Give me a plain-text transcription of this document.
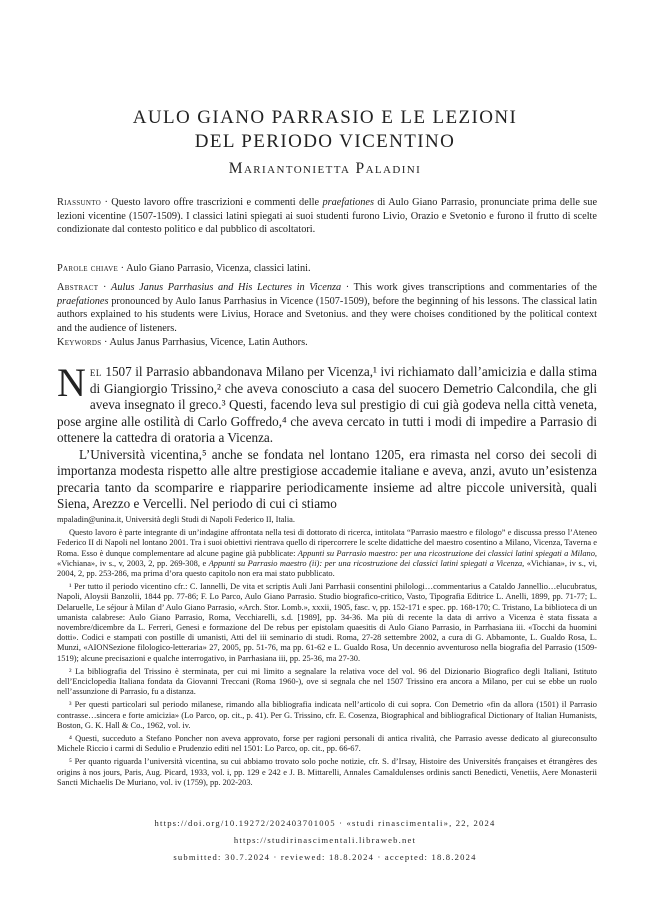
AULO GIANO PARRASIO E LE LEZIONI
DEL PERIODO VICENTINO
Mariantonietta Paladini
Riassunto · Questo lavoro offre trascrizioni e commenti delle praefationes di Aulo Giano Parrasio, pronunciate prima delle sue lezioni vicentine (1507-1509). I classici latini spiegati ai suoi studenti furono Livio, Orazio e Svetonio e furono il frutto di scelte condizionate dal contesto politico e dal pubblico di ascoltatori.
Parole chiave · Aulo Giano Parrasio, Vicenza, classici latini.
Abstract · Aulus Janus Parrhasius and His Lectures in Vicenza · This work gives transcriptions and commentaries of the praefationes pronounced by Aulo Ianus Parrhasius in Vicence (1507-1509), before the beginning of his lessons. The classical latin authors explained to his students were Livius, Horace and Svetonius. and they were choises conditioned by the political context and the audience of listeners.
Keywords · Aulus Janus Parrhasius, Vicence, Latin Authors.

Nel 1507 il Parrasio abbandonava Milano per Vicenza,¹ ivi richiamato dall’amicizia e dalla stima di Giangiorgio Trissino,² che aveva conosciuto a casa del suocero Demetrio Calcondila, che gli aveva insegnato il greco.³ Questi, facendo leva sul prestigio di cui già godeva nella città veneta, pose argine alle ostilità di Carlo Goffredo,⁴ che aveva cercato in tutti i modi di impedire a Parrasio di ottenere la cattedra di oratoria a Vicenza.

L’Università vicentina,⁵ anche se fondata nel lontano 1205, era rimasta nel corso dei secoli di importanza modesta rispetto alle altre prestigiose accademie italiane e aveva, anzi, avuto un’esistenza precaria tanto da scomparire e riapparire periodicamente insieme ad altre piccole università, quali Siena, Arezzo e Vercelli. Nel periodo di cui ci stiamo

mpaladin@unina.it, Università degli Studi di Napoli Federico II, Italia.

Questo lavoro è parte integrante di un’indagine affrontata nella tesi di dottorato di ricerca, intitolata “Parrasio maestro e filologo” e discussa presso l’Ateneo Federico II di Napoli nel lontano 2001. Tra i suoi obiettivi rientrava quello di ripercorrere le scelte didattiche del maestro cosentino a Milano, Vicenza, Taverna e Roma. Esso è dunque complementare ad alcune pagine già pubblicate: Appunti su Parrasio maestro: per una ricostruzione dei classici latini spiegati a Milano, «Vichiana», iv s., v, 2003, 2, pp. 269-308, e Appunti su Parrasio maestro (ii): per una ricostruzione dei classici latini spiegati a Vicenza, «Vichiana», iv s., vi, 2004, 2, pp. 253-286, ma prima d’ora questo capitolo non era mai stato pubblicato.

¹ Per tutto il periodo vicentino cfr.: C. Iannelli, De vita et scriptis Auli Jani Parrhasii consentini philologi…commentarius a Cataldo Jannellio…elucubratus, Napoli, Aloysii Banzolii, 1844 pp. 77-86; F. Lo Parco, Aulo Giano Parrasio. Studio biografico-critico, Vasto, Tipografia Editrice L. Anelli, 1899, pp. 71-77; L. Delaruelle, Le séjour à Milan d’ Aulo Giano Parrasio, «Arch. Stor. Lomb.», xxxii, 1905, fasc. v, pp. 152-171 e spec. pp. 168-170; C. Tristano, La biblioteca di un umanista calabrese: Aulo Giano Parrasio, Roma, Vecchiarelli, s.d. [1989], pp. 34-36. Ma più di recente la data di arrivo a Vicenza è stata fissata a novembre/dicembre da L. Ferreri, Genesi e formazione del De rebus per epistolam quaesitis di Aulo Giano Parrasio, in Parrhasiana iii. «Tocchi da huomini dotti». Codici e stampati con postille di umanisti, Atti del iii seminario di studi. Roma, 27-28 settembre 2002, a cura di G. Abbamonte, L. Gualdo Rosa, L. Munzi, «AIONSezione filologico-letteraria» 27, 2005, pp. 51-76, ma pp. 61-62 e L. Gualdo Rosa, Un decennio avventuroso nella biografia del Parrasio (1509-1519); alcune precisazioni e qualche interrogativo, in Parrhasiana iii, pp. 25-36, ma 27-30.

² La bibliografia del Trissino è sterminata, per cui mi limito a segnalare la relativa voce del vol. 96 del Dizionario Biografico degli Italiani, Istituto dell’Enciclopedia Italiana fondata da Giovanni Treccani (Roma 1960-), ove si segnala che nel 1507 Trissino era ancora a Milano, per cui se ebbe un ruolo nell’assunzione di Parrasio, fu a distanza.

³ Per questi particolari sul periodo milanese, rimando alla bibliografia indicata nell’articolo di cui sopra. Con Demetrio «fin da allora (1501) il Parrasio contrasse…sincera e forte amicizia» (Lo Parco, op. cit., p. 41). Per G. Trissino, cfr. E. Cosenza, Biographical and bibliografical Dictionary of Italian Humanists, Boston, G. K. Hall & Co., 1962, vol. iv.

⁴ Questi, succeduto a Stefano Poncher non aveva approvato, forse per ragioni personali di antica rivalità, che Parrasio avesse dedicato al giureconsulto Michele Riccio i carmi di Sedulio e Prudenzio editi nel 1501: Lo Parco, op. cit., pp. 66-67.

⁵ Per quanto riguarda l’università vicentina, su cui abbiamo trovato solo poche notizie, cfr. S. d’Irsay, Histoire des Universités françaises et étrangères des origins à nos jours, Paris, Aug. Picard, 1933, vol. i, pp. 129 e 242 e J. B. Mittarelli, Annales Camaldulenses ordinis sancti Benedicti, Venetiis, Aere Monasterii Sancti Michaelis De Muriano, vol. iv (1759), pp. 202-203.

https://doi.org/10.19272/202403701005 · «studi rinascimentali», 22, 2024
https://studirinascimentali.libraweb.net
submitted: 30.7.2024 · reviewed: 18.8.2024 · accepted: 18.8.2024
